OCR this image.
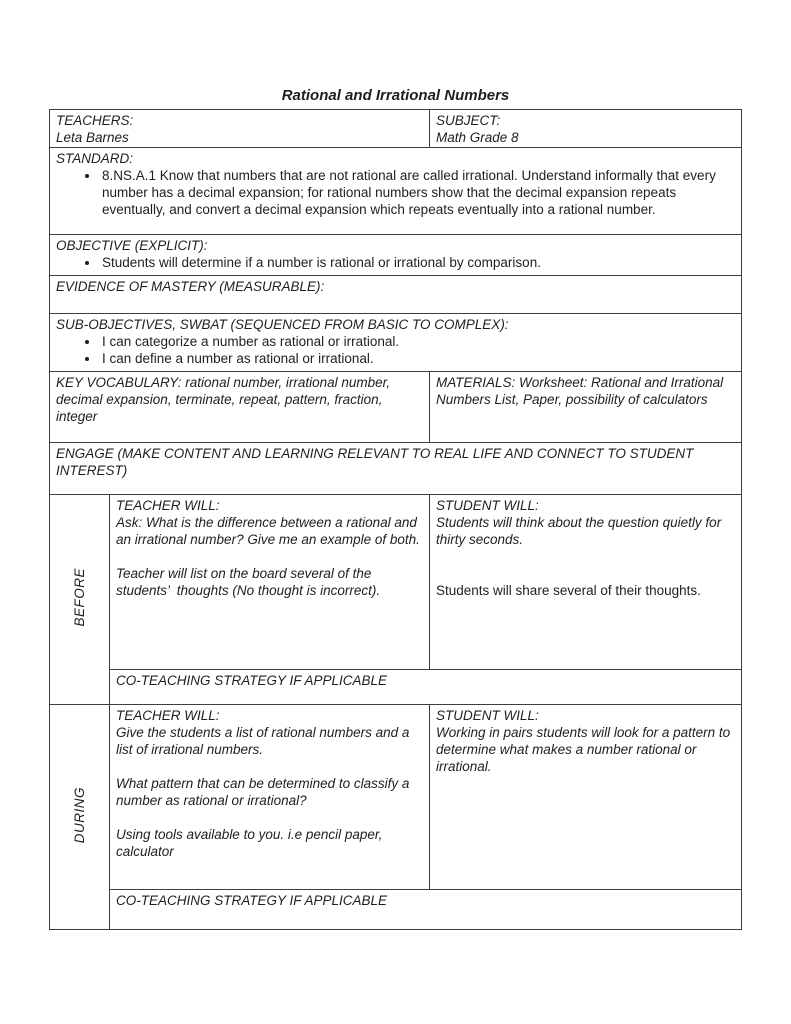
Rational and Irrational Numbers
TEACHERS:
Leta Barnes

SUBJECT:
Math Grade 8

STANDARD:
• 8.NS.A.1 Know that numbers that are not rational are called irrational. Understand informally that every number has a decimal expansion; for rational numbers show that the decimal expansion repeats eventually, and convert a decimal expansion which repeats eventually into a rational number.

OBJECTIVE (EXPLICIT):
• Students will determine if a number is rational or irrational by comparison.

EVIDENCE OF MASTERY (MEASURABLE):		

SUB-OBJECTIVES, SWBAT (SEQUENCED FROM BASIC TO COMPLEX):
• I can categorize a number as rational or irrational.
• I can define a number as rational or irrational.

KEY VOCABULARY: rational number, irrational number, decimal expansion, terminate, repeat, pattern, fraction, integer		MATERIALS: Worksheet: Rational and Irrational Numbers List, Paper, possibility of calculators

ENGAGE (MAKE CONTENT AND LEARNING RELEVANT TO REAL LIFE AND CONNECT TO STUDENT INTEREST)		

BEFORE	
TEACHER WILL:

Ask: What is the difference between a rational and an irrational number? Give me an example of both.

Teacher will list on the board several of the students’  thoughts (No thought is incorrect).

STUDENT WILL:

Students will think about the question quietly for thirty seconds.

Students will share several of their thoughts.

	CO-TEACHING STRATEGY IF APPLICABLE	

DURING	
TEACHER WILL:

Give the students a list of rational numbers and a list of irrational numbers.

What pattern that can be determined to classify a number as rational or irrational?

Using tools available to you. i.e pencil paper, calculator

STUDENT WILL:

Working in pairs students will look for a pattern to determine what makes a number rational or irrational.

	CO-TEACHING STRATEGY IF APPLICABLE	
